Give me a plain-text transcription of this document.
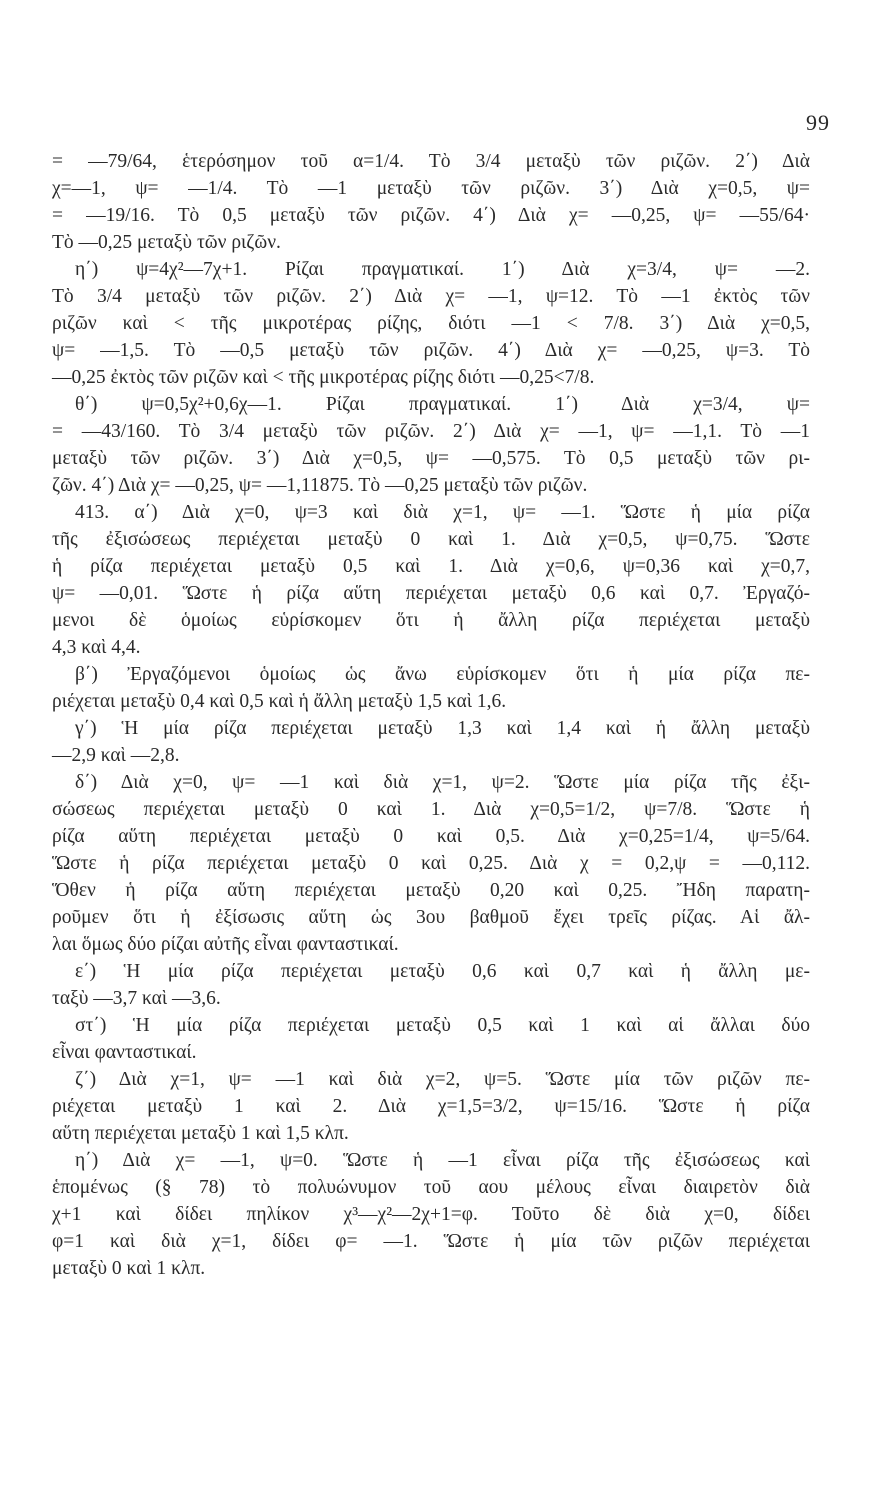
99
= —79/64, ἑτερόσημον τοῦ α=1/4. Τὸ 3/4 μεταξὺ τῶν ριζῶν. 2΄) Διὰ
χ=—1, ψ= —1/4. Τὸ —1 μεταξὺ τῶν ριζῶν. 3΄) Διὰ χ=0,5, ψ=
= —19/16. Τὸ 0,5 μεταξὺ τῶν ριζῶν. 4΄) Διὰ χ= —0,25, ψ= —55/64·
Τὸ —0,25 μεταξὺ τῶν ριζῶν.
η΄) ψ=4χ²—7χ+1. Ρίζαι πραγματικαί. 1΄) Διὰ χ=3/4, ψ= —2.
Τὸ 3/4 μεταξὺ τῶν ριζῶν. 2΄) Διὰ χ= —1, ψ=12. Τὸ —1 ἐκτὸς τῶν
ριζῶν καὶ < τῆς μικροτέρας ρίζης, διότι —1 < 7/8. 3΄) Διὰ χ=0,5,
ψ= —1,5. Τὸ —0,5 μεταξὺ τῶν ριζῶν. 4΄) Διὰ χ= —0,25, ψ=3. Τὸ
—0,25 ἐκτὸς τῶν ριζῶν καὶ < τῆς μικροτέρας ρίζης διότι —0,25<7/8.
θ΄) ψ=0,5χ²+0,6χ—1. Ρίζαι πραγματικαί. 1΄) Διὰ χ=3/4, ψ=
= —43/160. Τὸ 3/4 μεταξὺ τῶν ριζῶν. 2΄) Διὰ χ= —1, ψ= —1,1. Τὸ —1
μεταξὺ τῶν ριζῶν. 3΄) Διὰ χ=0,5, ψ= —0,575. Τὸ 0,5 μεταξὺ τῶν ρι-
ζῶν. 4΄) Διὰ χ= —0,25, ψ= —1,11875. Τὸ —0,25 μεταξὺ τῶν ριζῶν.
413. α΄) Διὰ χ=0, ψ=3 καὶ διὰ χ=1, ψ= —1. Ὥστε ἡ μία ρίζα
τῆς ἐξισώσεως περιέχεται μεταξὺ 0 καὶ 1. Διὰ χ=0,5, ψ=0,75. Ὥστε
ἡ ρίζα περιέχεται μεταξὺ 0,5 καὶ 1. Διὰ χ=0,6, ψ=0,36 καὶ χ=0,7,
ψ= —0,01. Ὥστε ἡ ρίζα αὕτη περιέχεται μεταξὺ 0,6 καὶ 0,7. Ἐργαζό-
μενοι δὲ ὁμοίως εὑρίσκομεν ὅτι ἡ ἄλλη ρίζα περιέχεται μεταξὺ
4,3 καὶ 4,4.
β΄) Ἐργαζόμενοι ὁμοίως ὡς ἄνω εὑρίσκομεν ὅτι ἡ μία ρίζα πε-
ριέχεται μεταξὺ 0,4 καὶ 0,5 καὶ ἡ ἄλλη μεταξὺ 1,5 καὶ 1,6.
γ΄) Ἡ μία ρίζα περιέχεται μεταξὺ 1,3 καὶ 1,4 καὶ ἡ ἄλλη μεταξὺ
—2,9 καὶ —2,8.
δ΄) Διὰ χ=0, ψ= —1 καὶ διὰ χ=1, ψ=2. Ὥστε μία ρίζα τῆς ἐξι-
σώσεως περιέχεται μεταξὺ 0 καὶ 1. Διὰ χ=0,5=1/2, ψ=7/8. Ὥστε ἡ
ρίζα αὕτη περιέχεται μεταξὺ 0 καὶ 0,5. Διὰ χ=0,25=1/4, ψ=5/64.
Ὥστε ἡ ρίζα περιέχεται μεταξὺ 0 καὶ 0,25. Διὰ χ = 0,2,ψ = —0,112.
Ὅθεν ἡ ρίζα αὕτη περιέχεται μεταξὺ 0,20 καὶ 0,25. Ἤδη παρατη-
ροῦμεν ὅτι ἡ ἐξίσωσις αὕτη ὡς 3ου βαθμοῦ ἔχει τρεῖς ρίζας. Αἱ ἄλ-
λαι ὅμως δύο ρίζαι αὐτῆς εἶναι φανταστικαί.
ε΄) Ἡ μία ρίζα περιέχεται μεταξὺ 0,6 καὶ 0,7 καὶ ἡ ἄλλη με-
ταξὺ —3,7 καὶ —3,6.
στ΄) Ἡ μία ρίζα περιέχεται μεταξὺ 0,5 καὶ 1 καὶ αἱ ἄλλαι δύο
εἶναι φανταστικαί.
ζ΄) Διὰ χ=1, ψ= —1 καὶ διὰ χ=2, ψ=5. Ὥστε μία τῶν ριζῶν πε-
ριέχεται μεταξὺ 1 καὶ 2. Διὰ χ=1,5=3/2, ψ=15/16. Ὥστε ἡ ρίζα
αὕτη περιέχεται μεταξὺ 1 καὶ 1,5 κλπ.
η΄) Διὰ χ= —1, ψ=0. Ὥστε ἡ —1 εἶναι ρίζα τῆς ἐξισώσεως καὶ
ἑπομένως (§ 78) τὸ πολυώνυμον τοῦ αου μέλους εἶναι διαιρετὸν διὰ
χ+1 καὶ δίδει πηλίκον χ³—χ²—2χ+1=φ. Τοῦτο δὲ διὰ χ=0, δίδει
φ=1 καὶ διὰ χ=1, δίδει φ= —1. Ὥστε ἡ μία τῶν ριζῶν περιέχεται
μεταξὺ 0 καὶ 1 κλπ.
